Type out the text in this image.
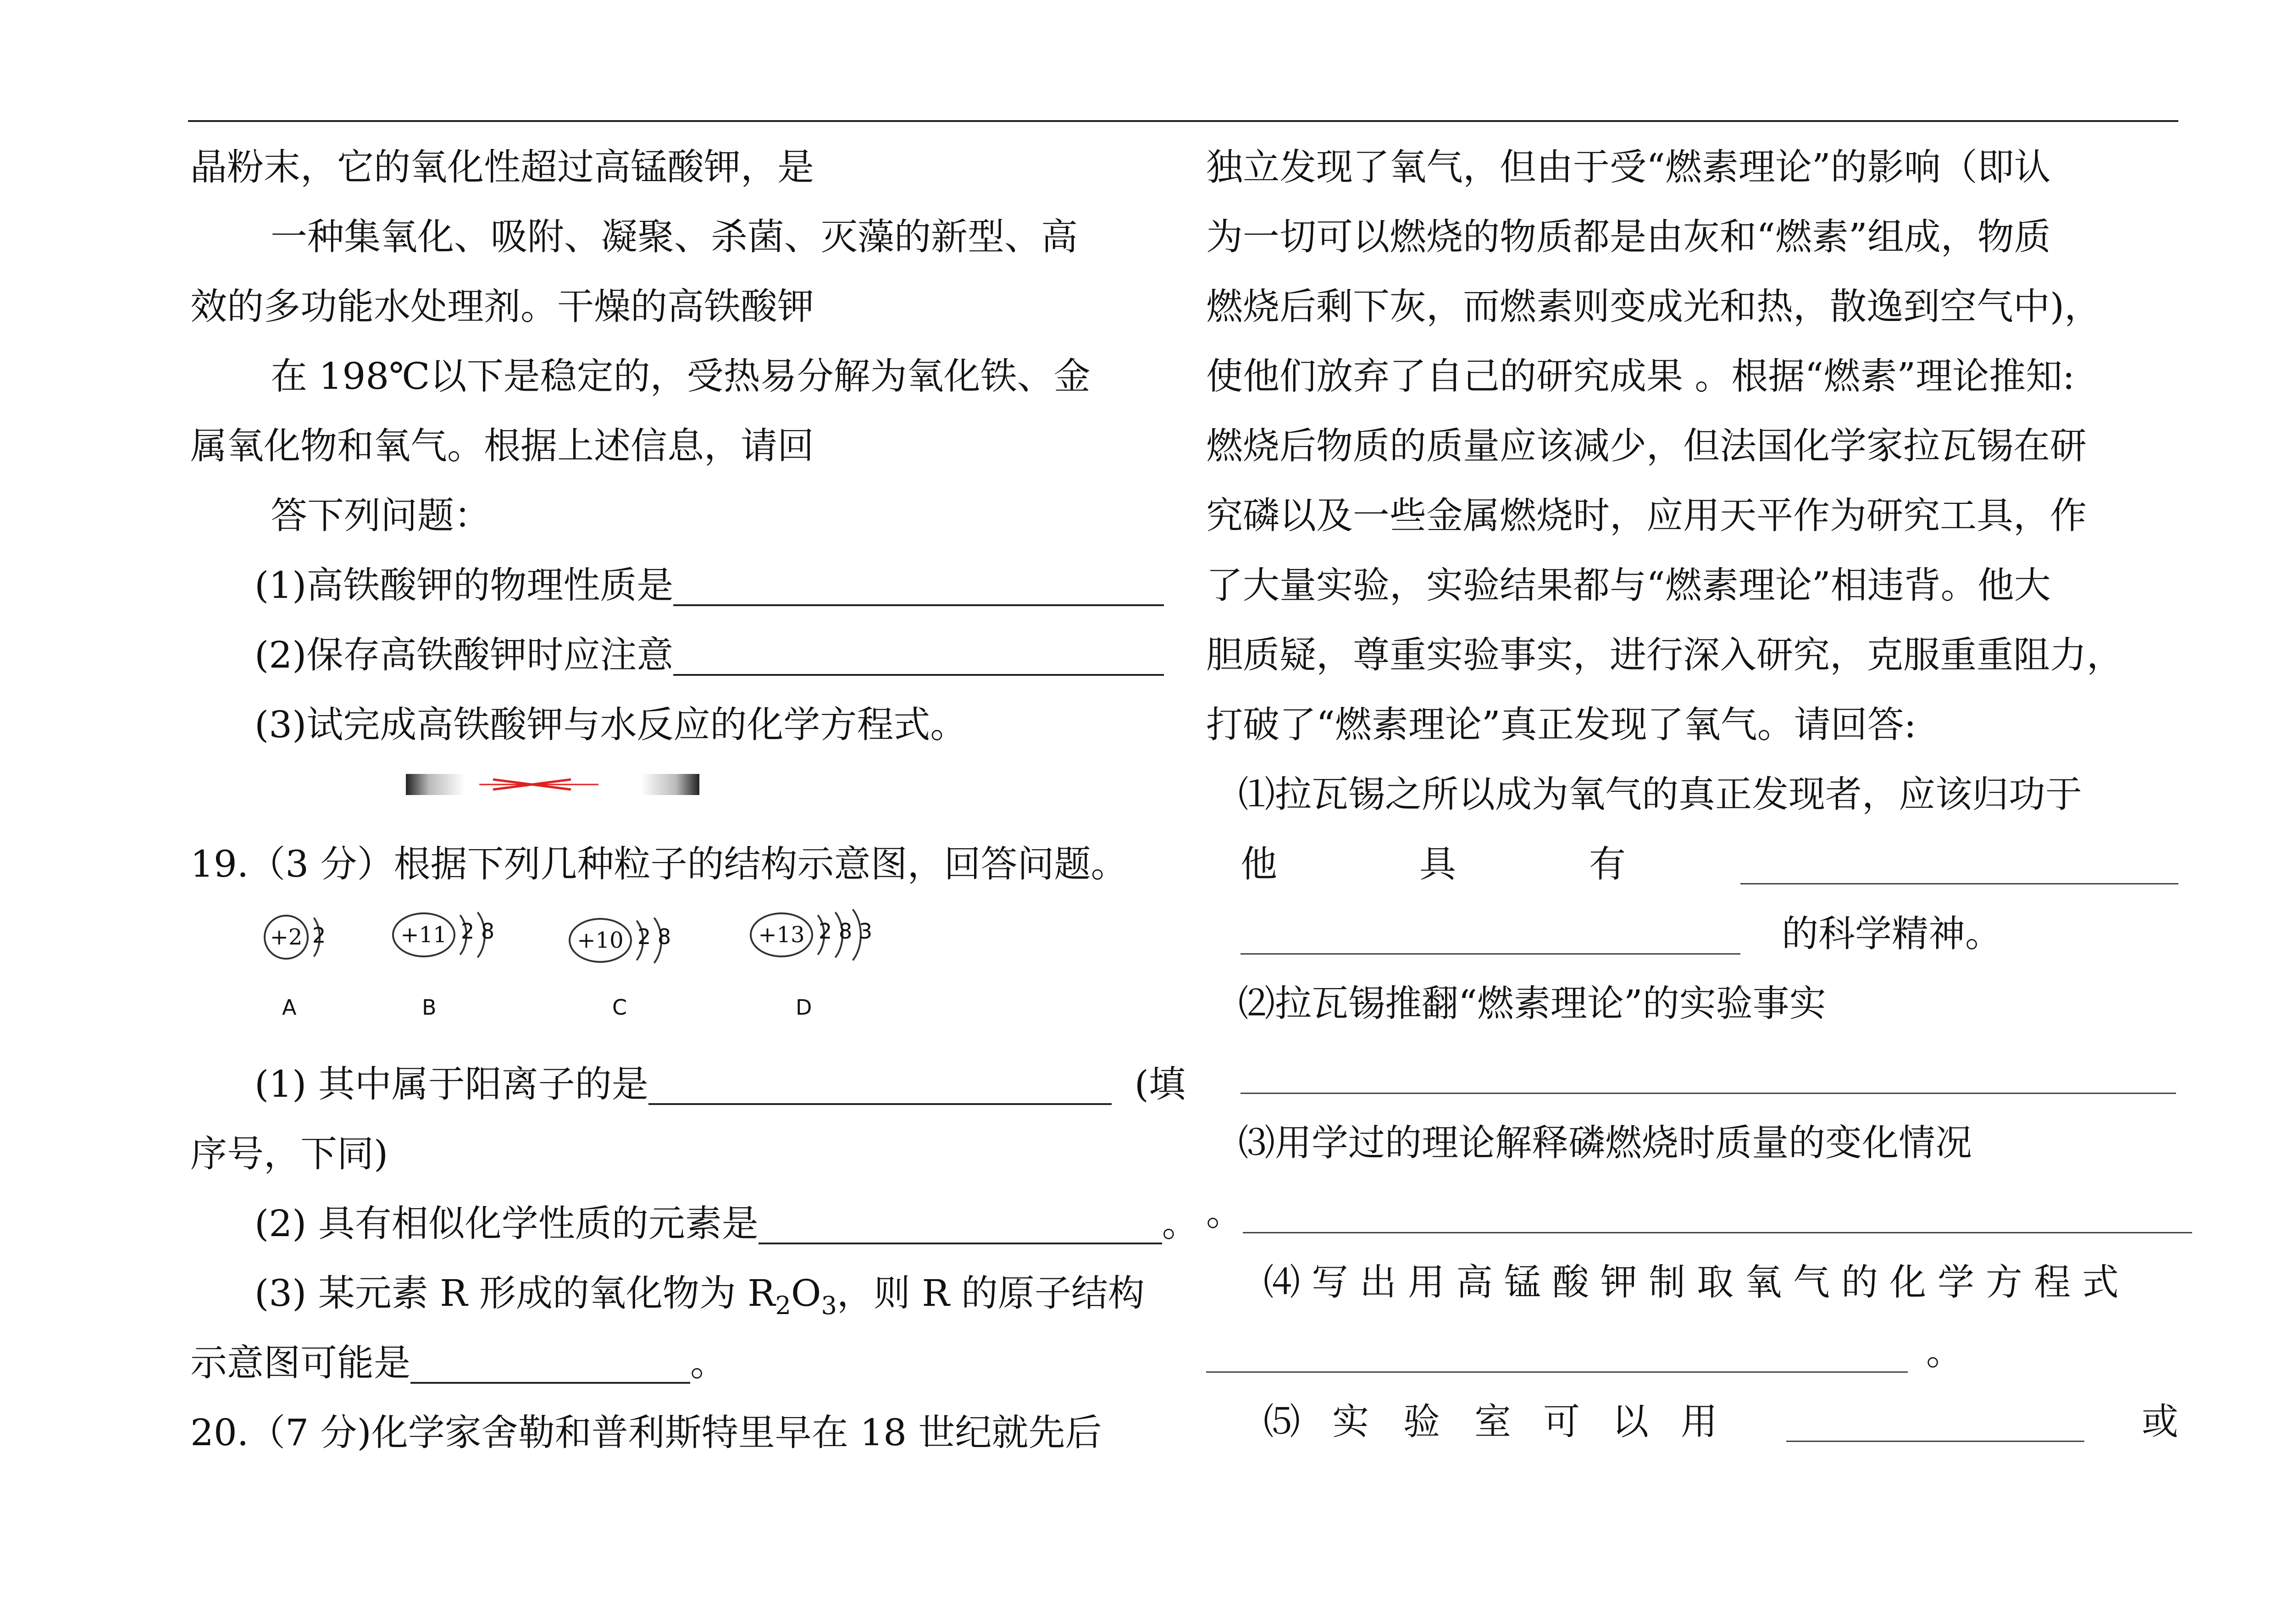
晶粉末，它的氧化性超过高锰酸钾，是
一种集氧化、吸附、凝聚、杀菌、灭藻的新型、高
效的多功能水处理剂。干燥的高铁酸钾
在 198℃以下是稳定的，受热易分解为氧化铁、金
属氧化物和氧气。根据上述信息，请回
答下列问题：
(1)高铁酸钾的物理性质是
(2)保存高铁酸钾时应注意
(3)试完成高铁酸钾与水反应的化学方程式。
19.（3 分）根据下列几种粒子的结构示意图，回答问题。
+2 2
A
+11 2 8
B
+10 2 8
C
+13 2 8 3
D
(1) 其中属于阳离子的是	(填
序号，下同)
(2) 具有相似化学性质的元素是	。
(3) 某元素 R 形成的氧化物为 $R_2O_3$，则 R 的原子结构
示意图可能是	。
20.（7 分)化学家舍勒和普利斯特里早在 18 世纪就先后
独立发现了氧气，但由于受“燃素理论”的影响（即认
为一切可以燃烧的物质都是由灰和“燃素”组成，物质
燃烧后剩下灰，而燃素则变成光和热，散逸到空气中)，
使他们放弃了自己的研究成果 。根据“燃素”理论推知:
燃烧后物质的质量应该减少，但法国化学家拉瓦锡在研
究磷以及一些金属燃烧时，应用天平作为研究工具，作
了大量实验，实验结果都与“燃素理论”相违背。他大
胆质疑，尊重实验事实，进行深入研究，克服重重阻力，
打破了“燃素理论”真正发现了氧气。请回答:
⑴拉瓦锡之所以成为氧气的真正发现者，应该归功于
他	具	有
的科学精神。
⑵拉瓦锡推翻“燃素理论”的实验事实
⑶用学过的理论解释磷燃烧时质量的变化情况
。
⑷写出用高锰酸钾制取氧气的化学方程式
。
⑸ 实 验 室 可 以 用	或
